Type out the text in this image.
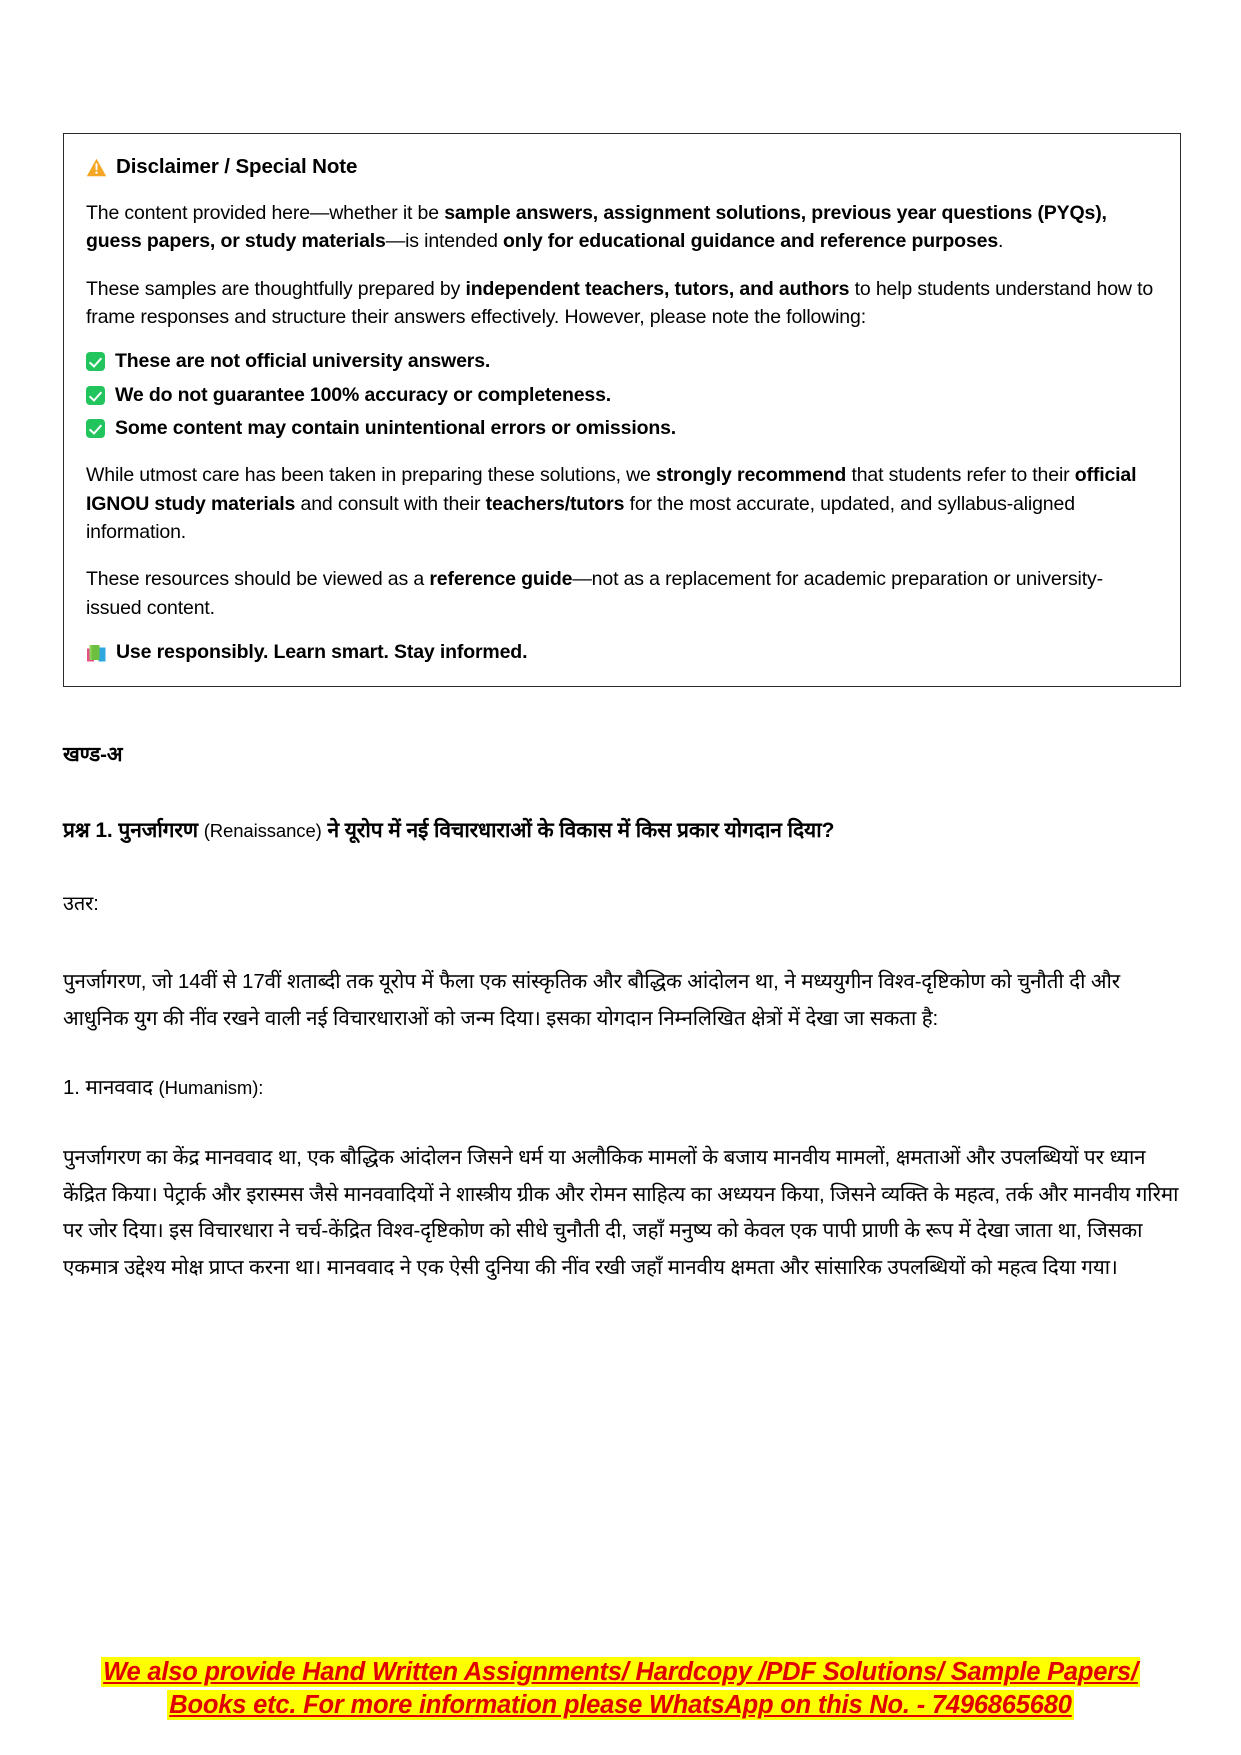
Disclaimer / Special Note

The content provided here—whether it be sample answers, assignment solutions, previous year questions (PYQs), guess papers, or study materials—is intended only for educational guidance and reference purposes.

These samples are thoughtfully prepared by independent teachers, tutors, and authors to help students understand how to frame responses and structure their answers effectively. However, please note the following:

These are not official university answers.
We do not guarantee 100% accuracy or completeness.
Some content may contain unintentional errors or omissions.

While utmost care has been taken in preparing these solutions, we strongly recommend that students refer to their official IGNOU study materials and consult with their teachers/tutors for the most accurate, updated, and syllabus-aligned information.

These resources should be viewed as a reference guide—not as a replacement for academic preparation or university-issued content.

Use responsibly. Learn smart. Stay informed.

खण्ड-अ
प्रश्न 1. पुनर्जागरण (Renaissance) ने यूरोप में नई विचारधाराओं के विकास में किस प्रकार योगदान दिया?
उतर:
पुनर्जागरण, जो 14वीं से 17वीं शताब्दी तक यूरोप में फैला एक सांस्कृतिक और बौद्धिक आंदोलन था, ने मध्ययुगीन विश्व-दृष्टिकोण को चुनौती दी और आधुनिक युग की नींव रखने वाली नई विचारधाराओं को जन्म दिया। इसका योगदान निम्नलिखित क्षेत्रों में देखा जा सकता है:
1. मानववाद (Humanism):
पुनर्जागरण का केंद्र मानववाद था, एक बौद्धिक आंदोलन जिसने धर्म या अलौकिक मामलों के बजाय मानवीय मामलों, क्षमताओं और उपलब्धियों पर ध्यान केंद्रित किया। पेट्रार्क और इरास्मस जैसे मानववादियों ने शास्त्रीय ग्रीक और रोमन साहित्य का अध्ययन किया, जिसने व्यक्ति के महत्व, तर्क और मानवीय गरिमा पर जोर दिया। इस विचारधारा ने चर्च-केंद्रित विश्व-दृष्टिकोण को सीधे चुनौती दी, जहाँ मनुष्य को केवल एक पापी प्राणी के रूप में देखा जाता था, जिसका एकमात्र उद्देश्य मोक्ष प्राप्त करना था। मानववाद ने एक ऐसी दुनिया की नींव रखी जहाँ मानवीय क्षमता और सांसारिक उपलब्धियों को महत्व दिया गया।
We also provide Hand Written Assignments/ Hardcopy /PDF Solutions/ Sample Papers/
Books etc. For more information please WhatsApp on this No. - 7496865680
